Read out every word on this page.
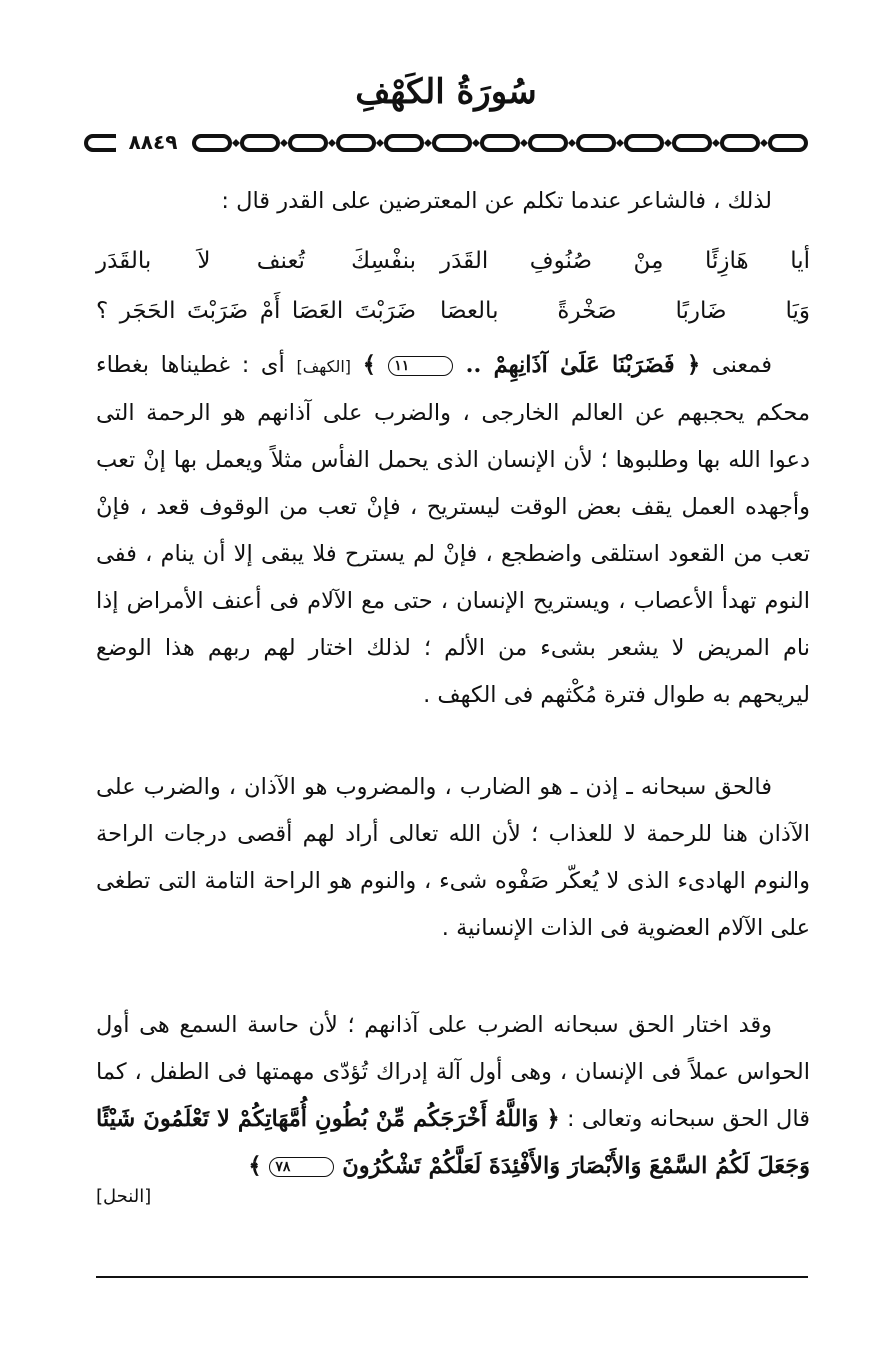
سُورَةُ الكَهْفِ
٨٨٤٩

لذلك ، فالشاعر عندما تكلم عن المعترضين على القدر قال :

أيا هَازِئًا مِنْ صُنُوفِ القَدَر
بنفْسِكَ تُعنف لاَ بالقَدَر
وَيَا ضَاربًا صَخْرةً بالعصَا
ضَرَبْتَ العَصَا أَمْ ضَرَبْتَ الحَجَر ؟

فمعنى ﴿ فَضَرَبْنَا عَلَىٰ آذَانِهِمْ .. ١١ ﴾ [الكهف] أى : غطيناها بغطاء محكم يحجبهم عن العالم الخارجى ، والضرب على آذانهم هو الرحمة التى دعوا الله بها وطلبوها ؛ لأن الإنسان الذى يحمل الفأس مثلاً ويعمل بها إنْ تعب وأجهده العمل يقف بعض الوقت ليستريح ، فإنْ تعب من الوقوف قعد ، فإنْ تعب من القعود استلقى واضطجع ، فإنْ لم يسترح فلا يبقى إلا أن ينام ، ففى النوم تهدأ الأعصاب ، ويستريح الإنسان ، حتى مع الآلام فى أعنف الأمراض إذا نام المريض لا يشعر بشىء من الألم ؛ لذلك اختار لهم ربهم هذا الوضع ليريحهم به طوال فترة مُكْثهم فى الكهف .

فالحق سبحانه ـ إذن ـ هو الضارب ، والمضروب هو الآذان ، والضرب على الآذان هنا للرحمة لا للعذاب ؛ لأن الله تعالى أراد لهم أقصى درجات الراحة والنوم الهادىء الذى لا يُعكّر صَفْوه شىء ، والنوم هو الراحة التامة التى تطغى على الآلام العضوية فى الذات الإنسانية .

وقد اختار الحق سبحانه الضرب على آذانهم ؛ لأن حاسة السمع هى أول الحواس عملاً فى الإنسان ، وهى أول آلة إدراك تُؤدّى مهمتها فى الطفل ، كما قال الحق سبحانه وتعالى : ﴿ وَاللَّهُ أَخْرَجَكُم مِّنْ بُطُونِ أُمَّهَاتِكُمْ لا تَعْلَمُونَ شَيْئًا وَجَعَلَ لَكُمُ السَّمْعَ وَالأَبْصَارَ وَالأَفْئِدَةَ لَعَلَّكُمْ تَشْكُرُونَ ٧٨ ﴾

[النحل]
